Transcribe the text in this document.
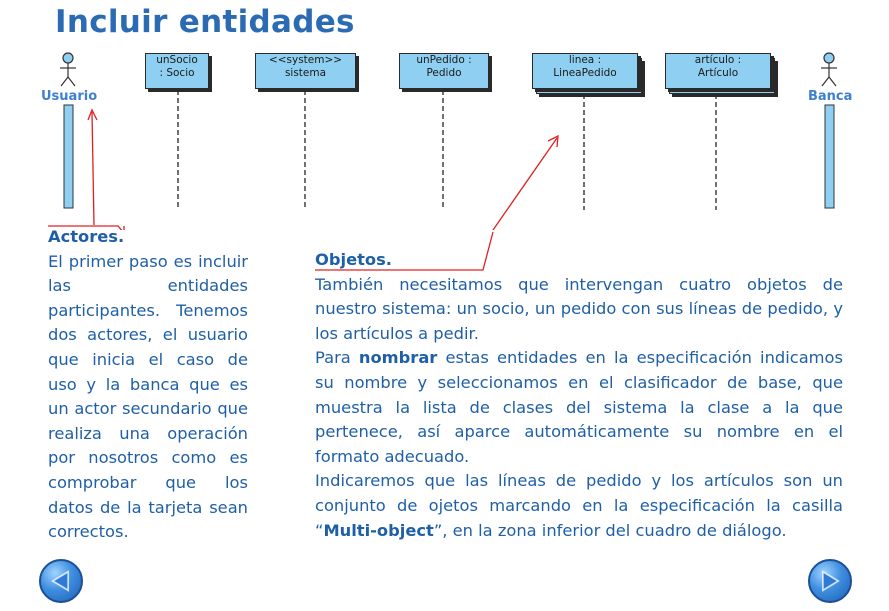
Incluir entidades
unSocio
: Socio
<<system>>
sistema
unPedido :
Pedido
linea :
LineaPedido
artículo :
Artículo
Usuario	Banca
Actores.
El primer paso es incluir las entidades participantes. Tenemos dos actores, el usuario que inicia el caso de uso y la banca que es un actor secundario que realiza una operación por nosotros como es comprobar que los datos de la tarjeta sean correctos.
Objetos.
También necesitamos que intervengan cuatro objetos de nuestro sistema: un socio, un pedido con sus líneas de pedido, y los artículos a pedir.
Para nombrar estas entidades en la especificación indicamos su nombre y seleccionamos en el clasificador de base, que muestra la lista de clases del sistema la clase a la que pertenece, así aparce automáticamente su nombre en el formato adecuado.
Indicaremos que las líneas de pedido y los artículos son un conjunto de ojetos marcando en la especificación la casilla “Multi-object”, en la zona inferior del cuadro de diálogo.
